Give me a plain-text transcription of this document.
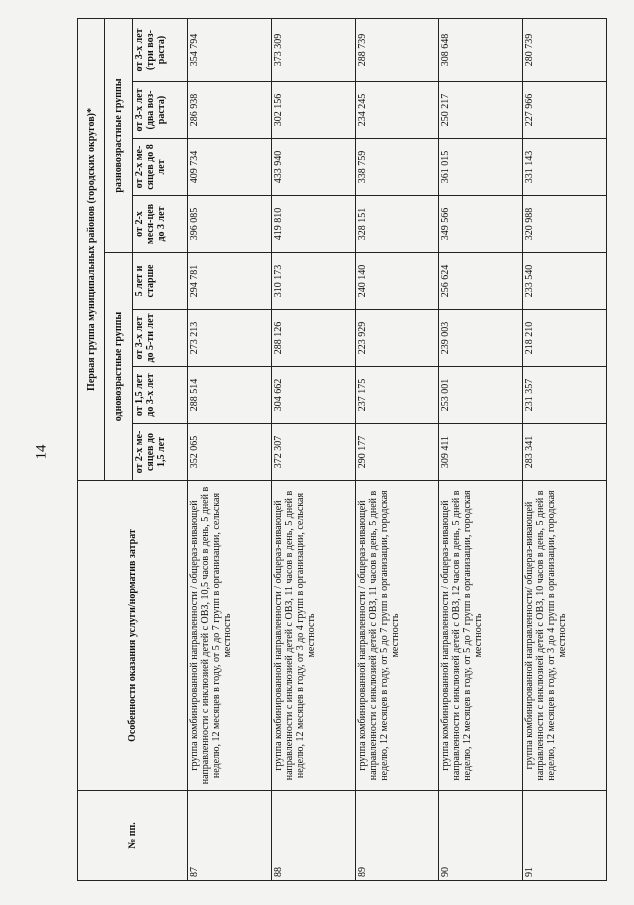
14
№ пп.	Особенности оказания услуги/норматив затрат	Первая группа муниципальных районов (городских округов)*							
		одновозрастные группы				разновозрастные группы			
		от 2-х ме-сяцев до 1,5 лет	от 1,5 лет до 3-х лет	от 3-х лет до 5-ти лет	5 лет и старше	от 2-х меся-цев до 3 лет	от 2-х ме-сяцев до 8 лет	от 3-х лет (два воз-раста)	от 3-х лет (три воз-раста)
87	группа комбинированной направленности / общераз-вивающей направленности с инклюзией детей с ОВЗ, 10,5 часов в день, 5 дней в неделю, 12 месяцев в году, от 5 до 7 групп в организации, сельская местность	352 065	288 514	273 213	294 781	396 085	409 734	286 938	354 794
88	группа комбинированной направленности / общераз-вивающей направленности с инклюзией детей с ОВЗ, 11 часов в день, 5 дней в неделю, 12 месяцев в году, от 3 до 4 групп в организации, сельская местность	372 307	304 662	288 126	310 173	419 810	433 940	302 156	373 309
89	группа комбинированной направленности / общераз-вивающей направленности с инклюзией детей с ОВЗ, 11 часов в день, 5 дней в неделю, 12 месяцев в году, от 5 до 7 групп в организации, городская местность	290 177	237 175	223 929	240 140	328 151	338 759	234 245	288 739
90	группа комбинированной направленности / общераз-вивающей направленности с инклюзией детей с ОВЗ, 12 часов в день, 5 дней в неделю, 12 месяцев в году, от 5 до 7 групп в организации, городская местность	309 411	253 001	239 003	256 624	349 566	361 015	250 217	308 648
91	группа комбинированной направленности/ общераз-вивающей направленности с инклюзией детей с ОВЗ, 10 часов в день, 5 дней в неделю, 12 месяцев в году, от 3 до 4 групп в организации, городская местность	283 341	231 357	218 210	233 540	320 988	331 143	227 966	280 739
